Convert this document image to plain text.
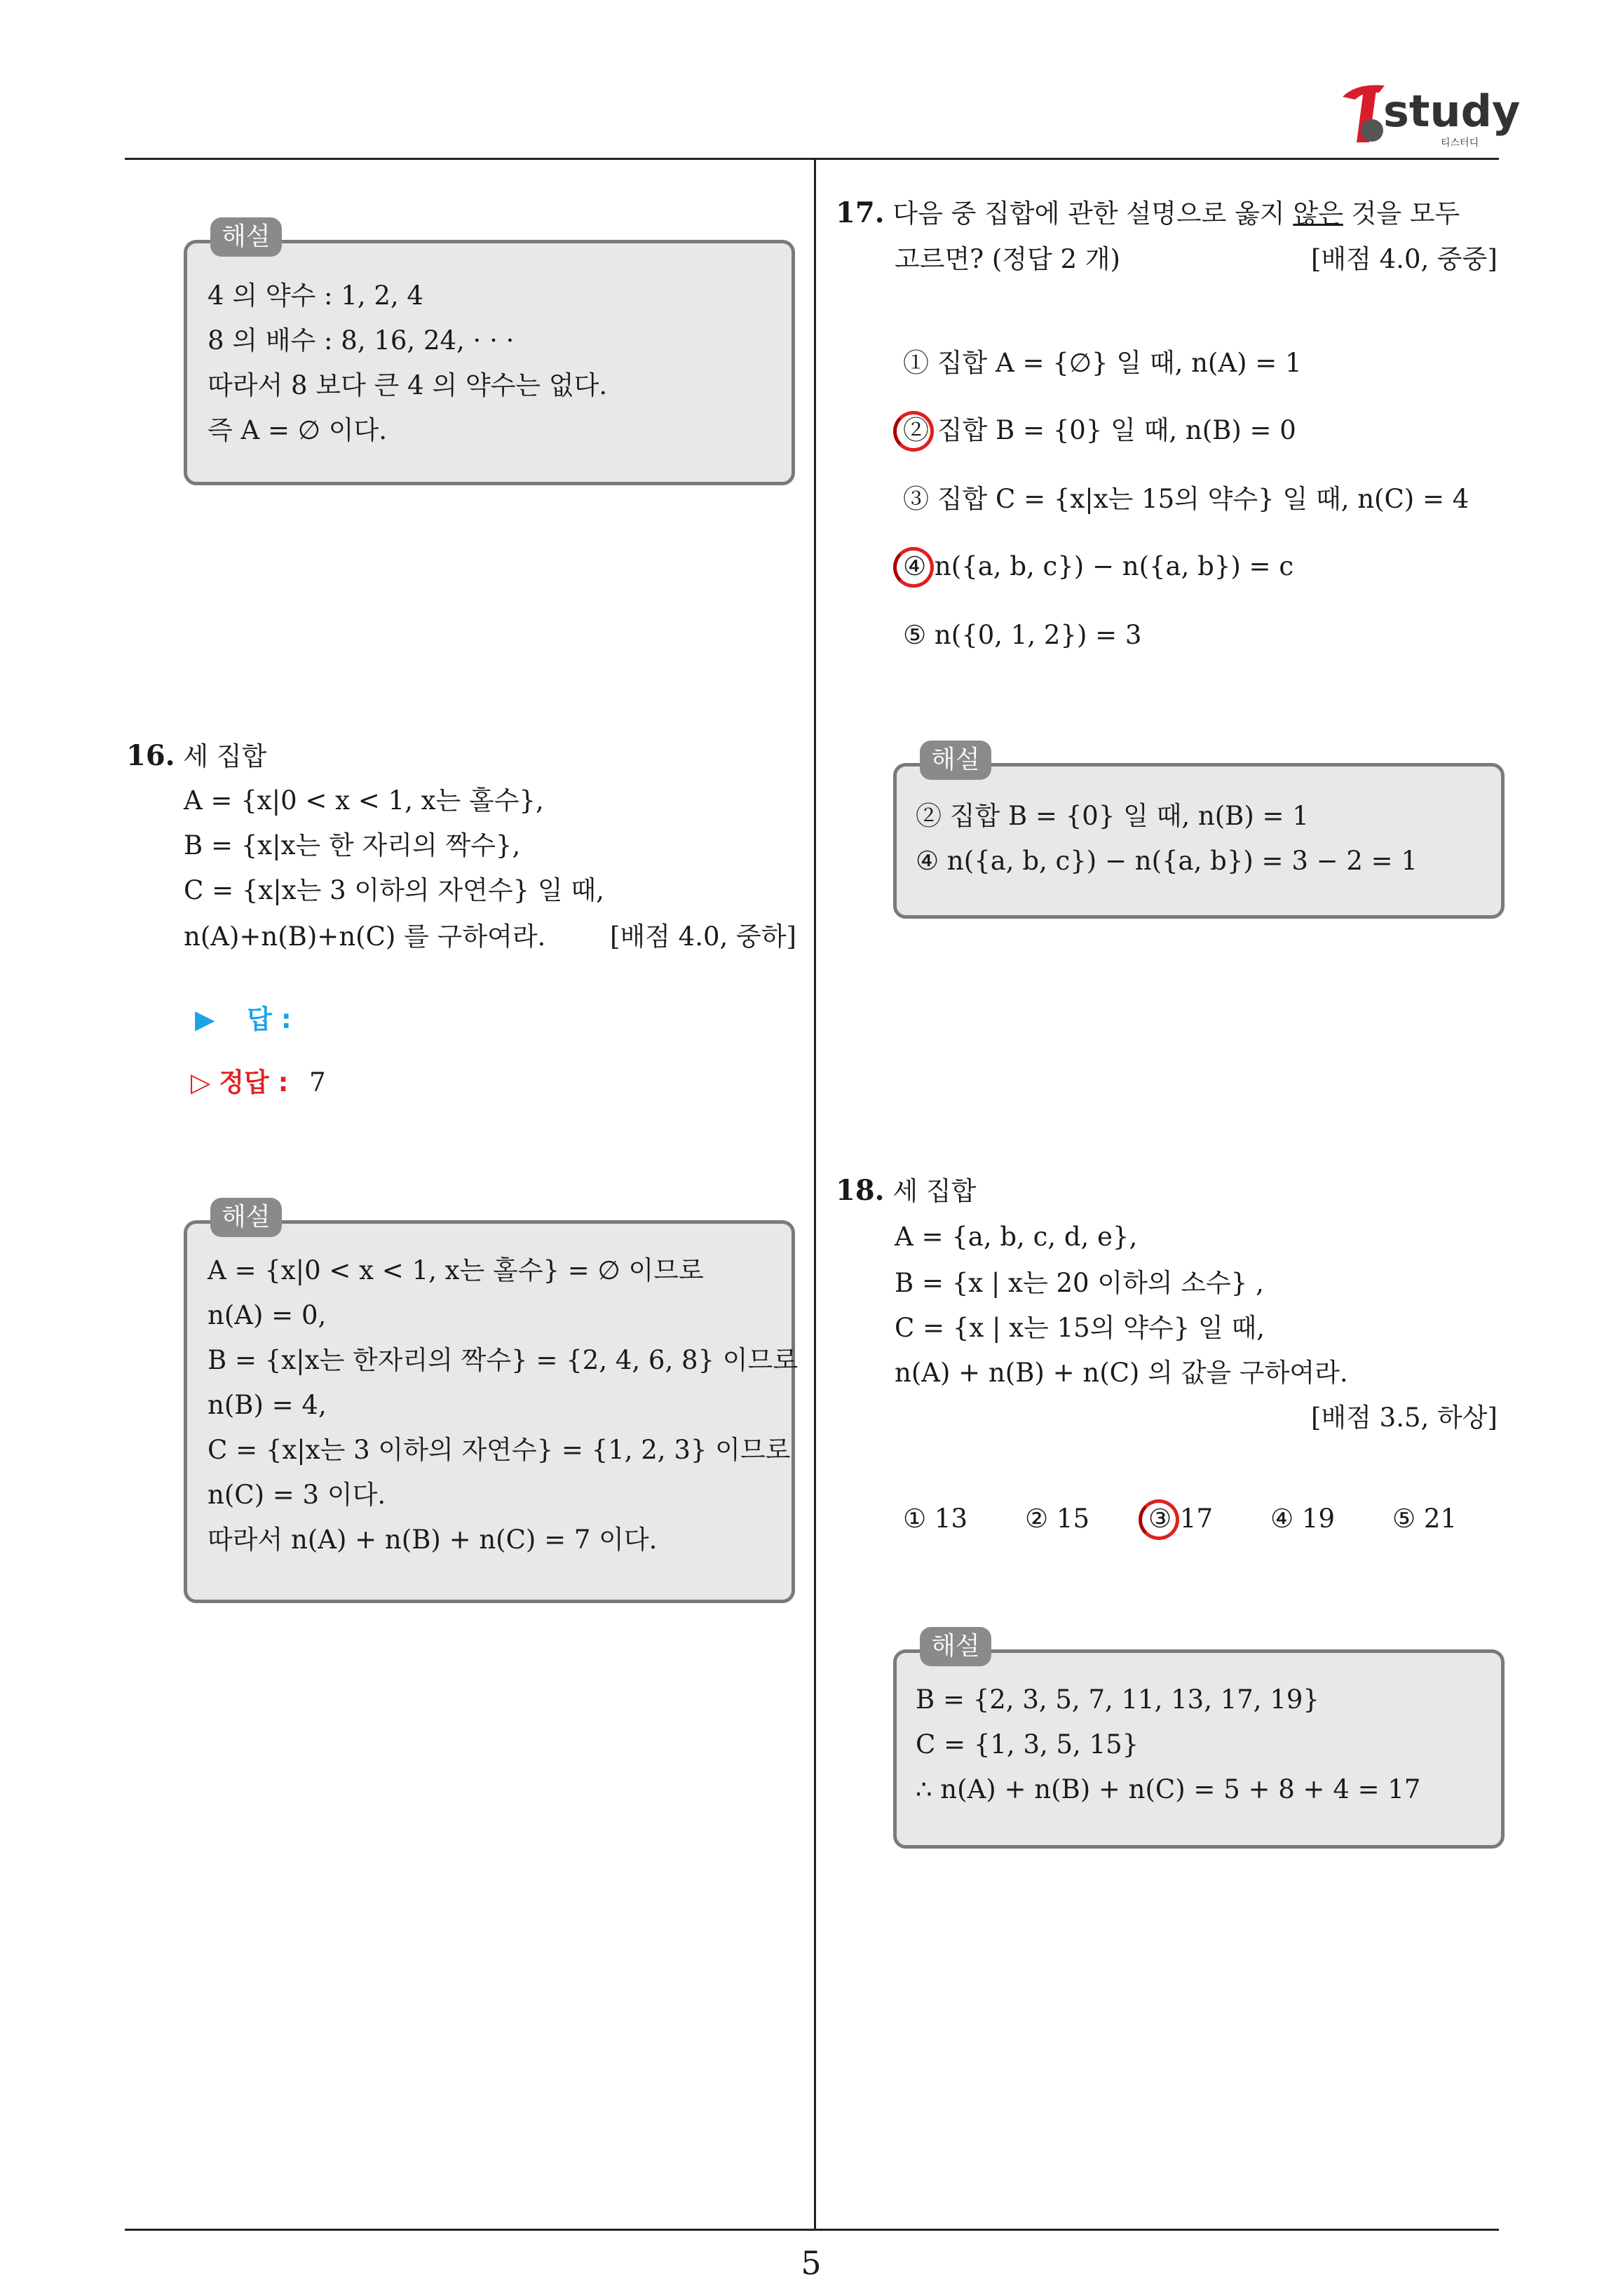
study
티스터디
5
해설
4 의 약수 : 1, 2, 4
8 의 배수 : 8, 16, 24, · · ·
따라서 8 보다 큰 4 의 약수는 없다.
즉 A = ∅ 이다.
16. 세 집합
A = {x|0 < x < 1, x는 홀수},
B = {x|x는 한 자리의 짝수},
C = {x|x는 3 이하의 자연수} 일 때,
n(A)+n(B)+n(C) 를 구하여라. [배점 4.0, 중하]
▶ 답 :
▷ 정답 : 7
해설
A = {x|0 < x < 1, x는 홀수} = ∅ 이므로
n(A) = 0,
B = {x|x는 한자리의 짝수} = {2, 4, 6, 8} 이므로
n(B) = 4,
C = {x|x는 3 이하의 자연수} = {1, 2, 3} 이므로
n(C) = 3 이다.
따라서 n(A) + n(B) + n(C) = 7 이다.
17. 다음 중 집합에 관한 설명으로 옳지 않은 것을 모두
고르면? (정답 2 개)	[배점 4.0, 중중]
① 집합 A = {∅} 일 때, n(A) = 1
② 집합 B = {0} 일 때, n(B) = 0
③ 집합 C = {x|x는 15의 약수} 일 때, n(C) = 4
④ n({a, b, c}) − n({a, b}) = c
⑤ n({0, 1, 2}) = 3
해설
② 집합 B = {0} 일 때, n(B) = 1
④ n({a, b, c}) − n({a, b}) = 3 − 2 = 1
18. 세 집합
A = {a, b, c, d, e},
B = {x | x는 20 이하의 소수} ,
C = {x | x는 15의 약수} 일 때,
n(A) + n(B) + n(C) 의 값을 구하여라.
[배점 3.5, 하상]
① 13 ② 15 ③ 17 ④ 19 ⑤ 21
해설
B = {2, 3, 5, 7, 11, 13, 17, 19}
C = {1, 3, 5, 15}
∴ n(A) + n(B) + n(C) = 5 + 8 + 4 = 17
